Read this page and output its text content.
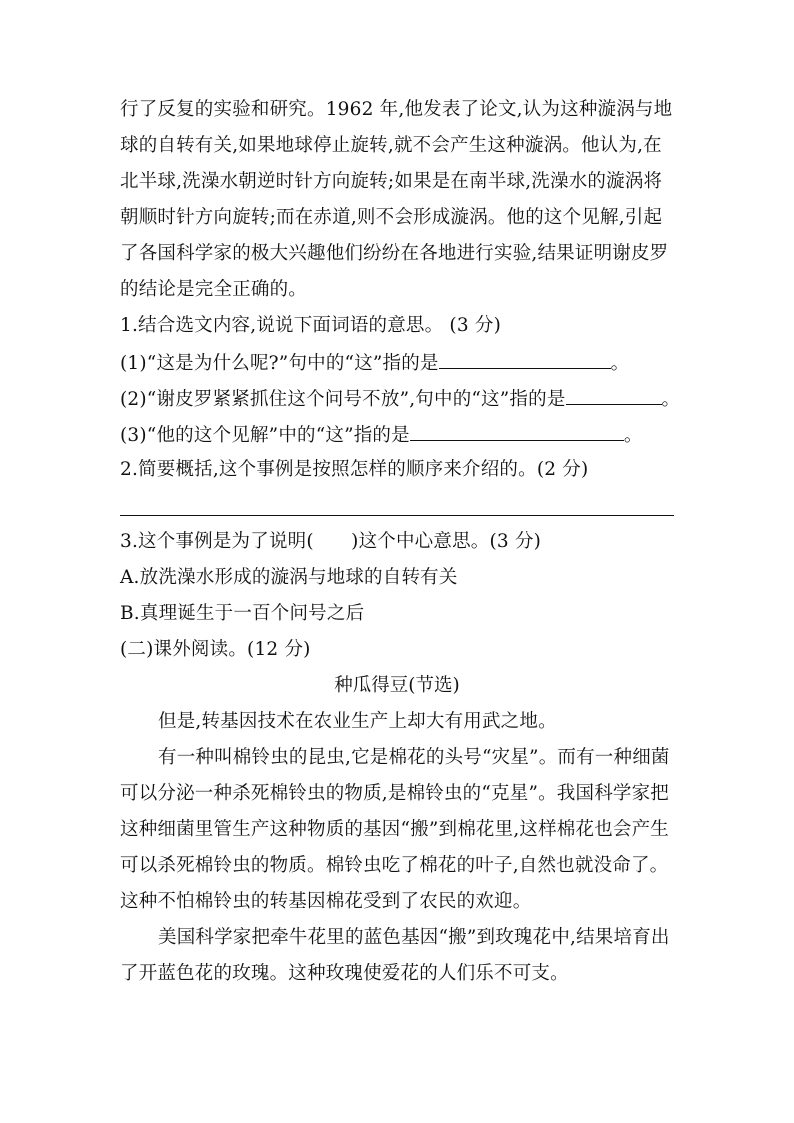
行了反复的实验和研究。1962 年,他发表了论文,认为这种漩涡与地
球的自转有关,如果地球停止旋转,就不会产生这种漩涡。他认为,在
北半球,洗澡水朝逆时针方向旋转;如果是在南半球,洗澡水的漩涡将
朝顺时针方向旋转;而在赤道,则不会形成漩涡。他的这个见解,引起
了各国科学家的极大兴趣他们纷纷在各地进行实验,结果证明谢皮罗
的结论是完全正确的。
1.结合选文内容,说说下面词语的意思。 (3 分)
(1)“这是为什么呢?”句中的“这”指的是	。
(2)“谢皮罗紧紧抓住这个问号不放”,句中的“这”指的是	。
(3)“他的这个见解”中的“这”指的是	。
2.简要概括,这个事例是按照怎样的顺序来介绍的。(2 分)
3.这个事例是为了说明(　　)这个中心意思。(3 分)
A.放洗澡水形成的漩涡与地球的自转有关
B.真理诞生于一百个问号之后
(二)课外阅读。(12 分)
种瓜得豆(节选)
但是,转基因技术在农业生产上却大有用武之地。
有一种叫棉铃虫的昆虫,它是棉花的头号“灾星”。而有一种细菌
可以分泌一种杀死棉铃虫的物质,是棉铃虫的“克星”。我国科学家把
这种细菌里管生产这种物质的基因“搬”到棉花里,这样棉花也会产生
可以杀死棉铃虫的物质。棉铃虫吃了棉花的叶子,自然也就没命了。
这种不怕棉铃虫的转基因棉花受到了农民的欢迎。
美国科学家把牵牛花里的蓝色基因“搬”到玫瑰花中,结果培育出
了开蓝色花的玫瑰。这种玫瑰使爱花的人们乐不可支。
